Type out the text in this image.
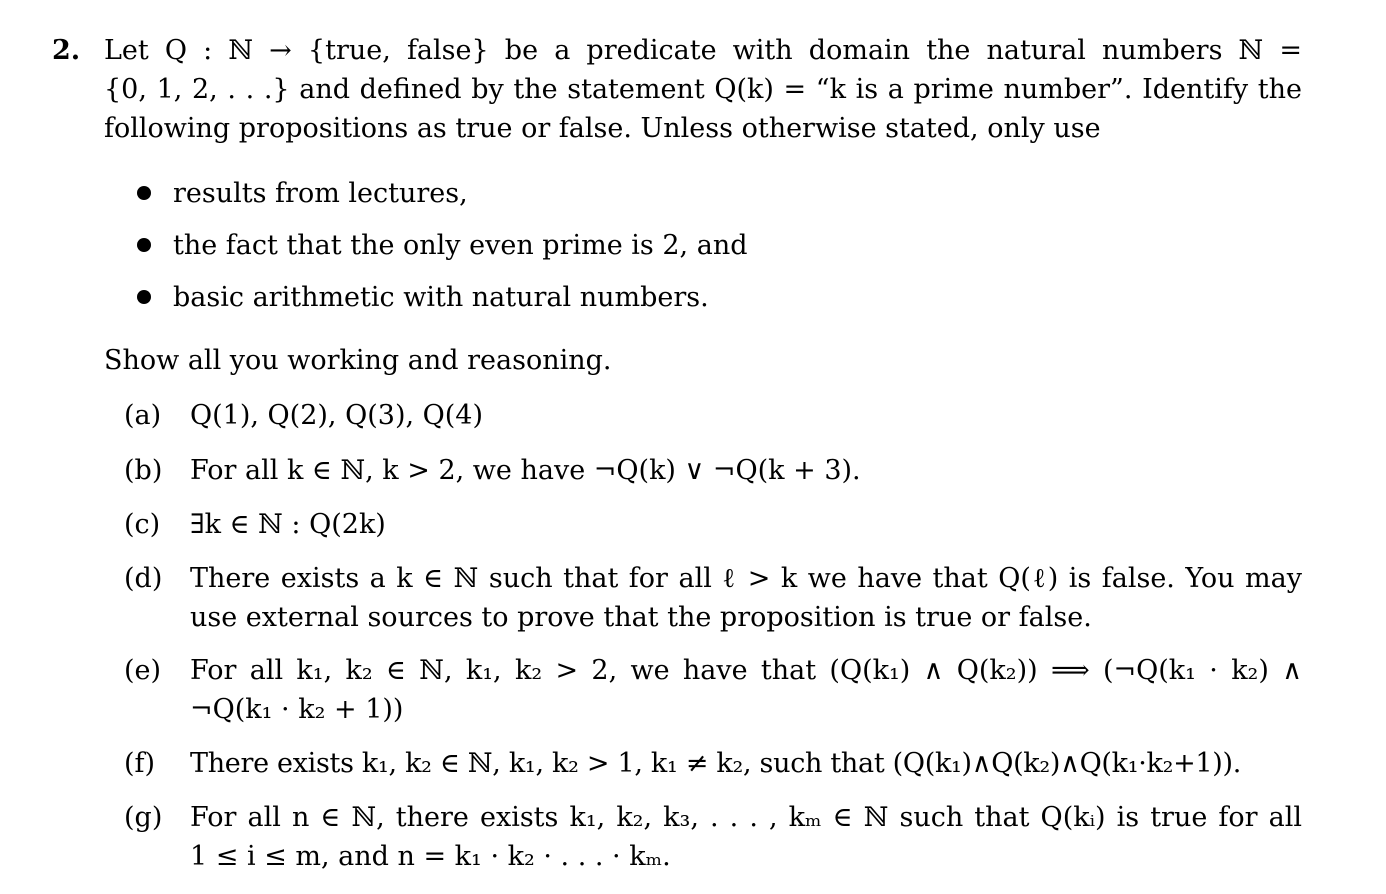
2. Let Q : ℕ → {true, false} be a predicate with domain the natural numbers ℕ =
{0, 1, 2, . . .} and defined by the statement Q(k) = “k is a prime number”. Identify the
following propositions as true or false. Unless otherwise stated, only use
results from lectures,
the fact that the only even prime is 2, and
basic arithmetic with natural numbers.
Show all you working and reasoning.
(a)	Q(1), Q(2), Q(3), Q(4)
(b)	For all k ∈ ℕ, k > 2, we have ¬Q(k) ∨ ¬Q(k + 3).
(c)	∃k ∈ ℕ : Q(2k)
(d)	There exists a k ∈ ℕ such that for all ℓ > k we have that Q(ℓ) is false. You may
use external sources to prove that the proposition is true or false.
(e)	For all k₁, k₂ ∈ ℕ, k₁, k₂ > 2, we have that (Q(k₁) ∧ Q(k₂)) ⟹ (¬Q(k₁ · k₂) ∧
¬Q(k₁ · k₂ + 1))
(f)	There exists k₁, k₂ ∈ ℕ, k₁, k₂ > 1, k₁ ≠ k₂, such that (Q(k₁)∧Q(k₂)∧Q(k₁·k₂+1)).
(g)	For all n ∈ ℕ, there exists k₁, k₂, k₃, . . . , kₘ ∈ ℕ such that Q(kᵢ) is true for all
1 ≤ i ≤ m, and n = k₁ · k₂ · . . . · kₘ.
